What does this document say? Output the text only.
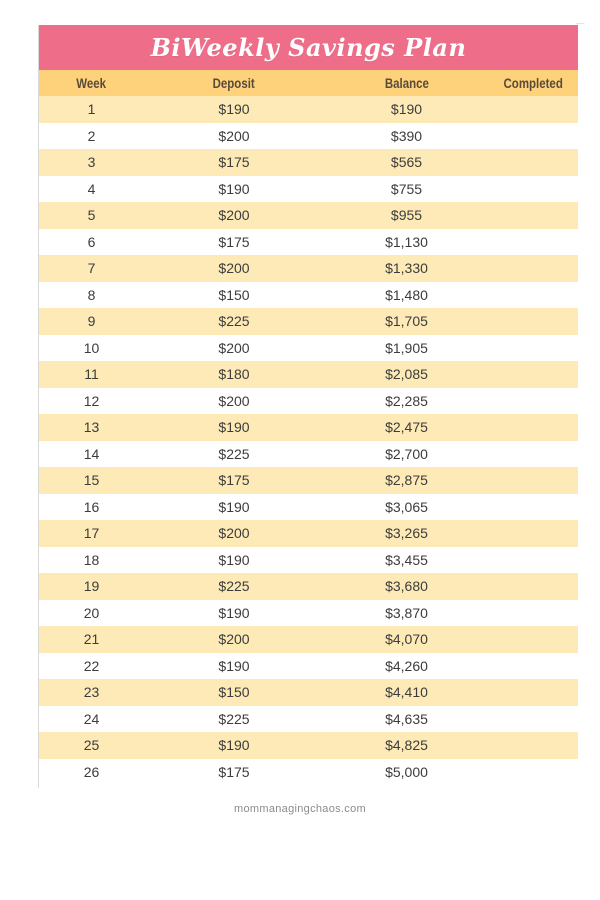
BiWeekly Savings Plan
Week	Deposit	Balance	Completed
1	$190	$190	
2	$200	$390	
3	$175	$565	
4	$190	$755	
5	$200	$955	
6	$175	$1,130	
7	$200	$1,330	
8	$150	$1,480	
9	$225	$1,705	
10	$200	$1,905	
11	$180	$2,085	
12	$200	$2,285	
13	$190	$2,475	
14	$225	$2,700	
15	$175	$2,875	
16	$190	$3,065	
17	$200	$3,265	
18	$190	$3,455	
19	$225	$3,680	
20	$190	$3,870	
21	$200	$4,070	
22	$190	$4,260	
23	$150	$4,410	
24	$225	$4,635	
25	$190	$4,825	
26	$175	$5,000	
mommanagingchaos.com
